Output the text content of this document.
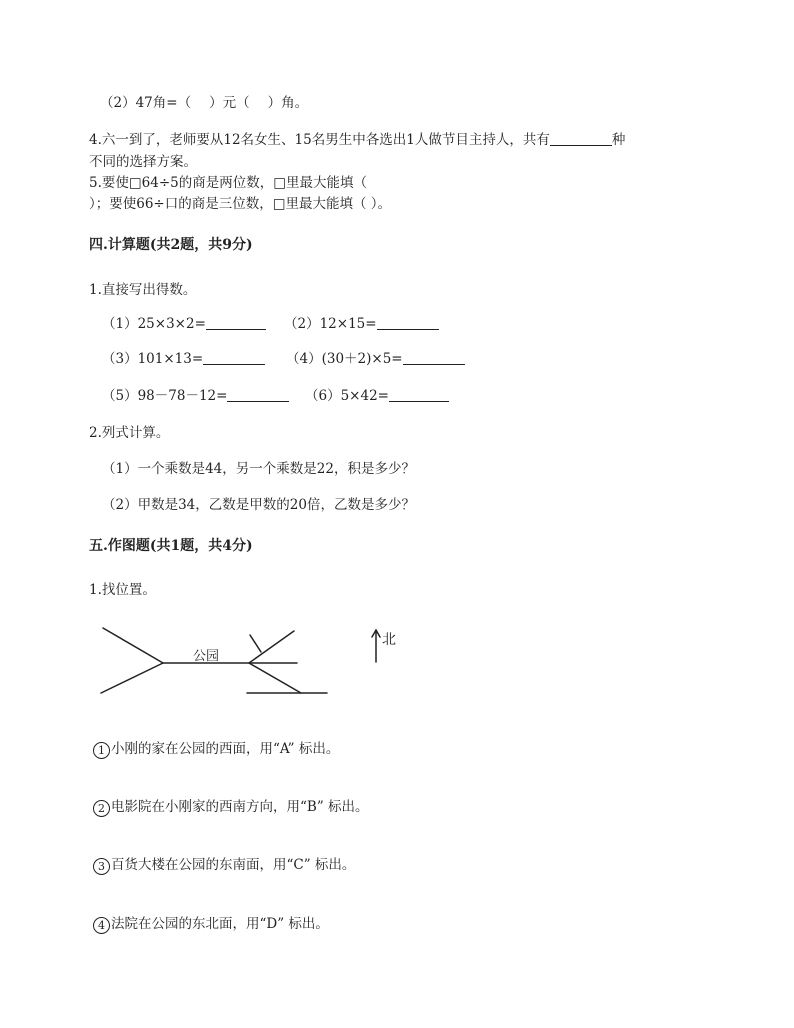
（2）47角=（ ）元（ ）角。
4.六一到了，老师要从12名女生、15名男生中各选出1人做节目主持人，共有	种
不同的选择方案。
5.要使□64÷5的商是两位数，□里最大能填（
）；要使66÷口的商是三位数，□里最大能填（ ）。
四.计算题(共2题，共9分)
1.直接写出得数。
（1）25×3×2=	（2）12×15=
（3）101×13=	（4）(30＋2)×5=
（5）98－78－12=	（6）5×42=
2.列式计算。
（1）一个乘数是44，另一个乘数是22，积是多少？
（2）甲数是34，乙数是甲数的20倍，乙数是多少？
五.作图题(共1题，共4分)
1.找位置。
公园
北
1 小刚的家在公园的西面，用“A” 标出。
2 电影院在小刚家的西南方向，用“B” 标出。
3 百货大楼在公园的东南面，用“C” 标出。
4 法院在公园的东北面，用“D” 标出。
